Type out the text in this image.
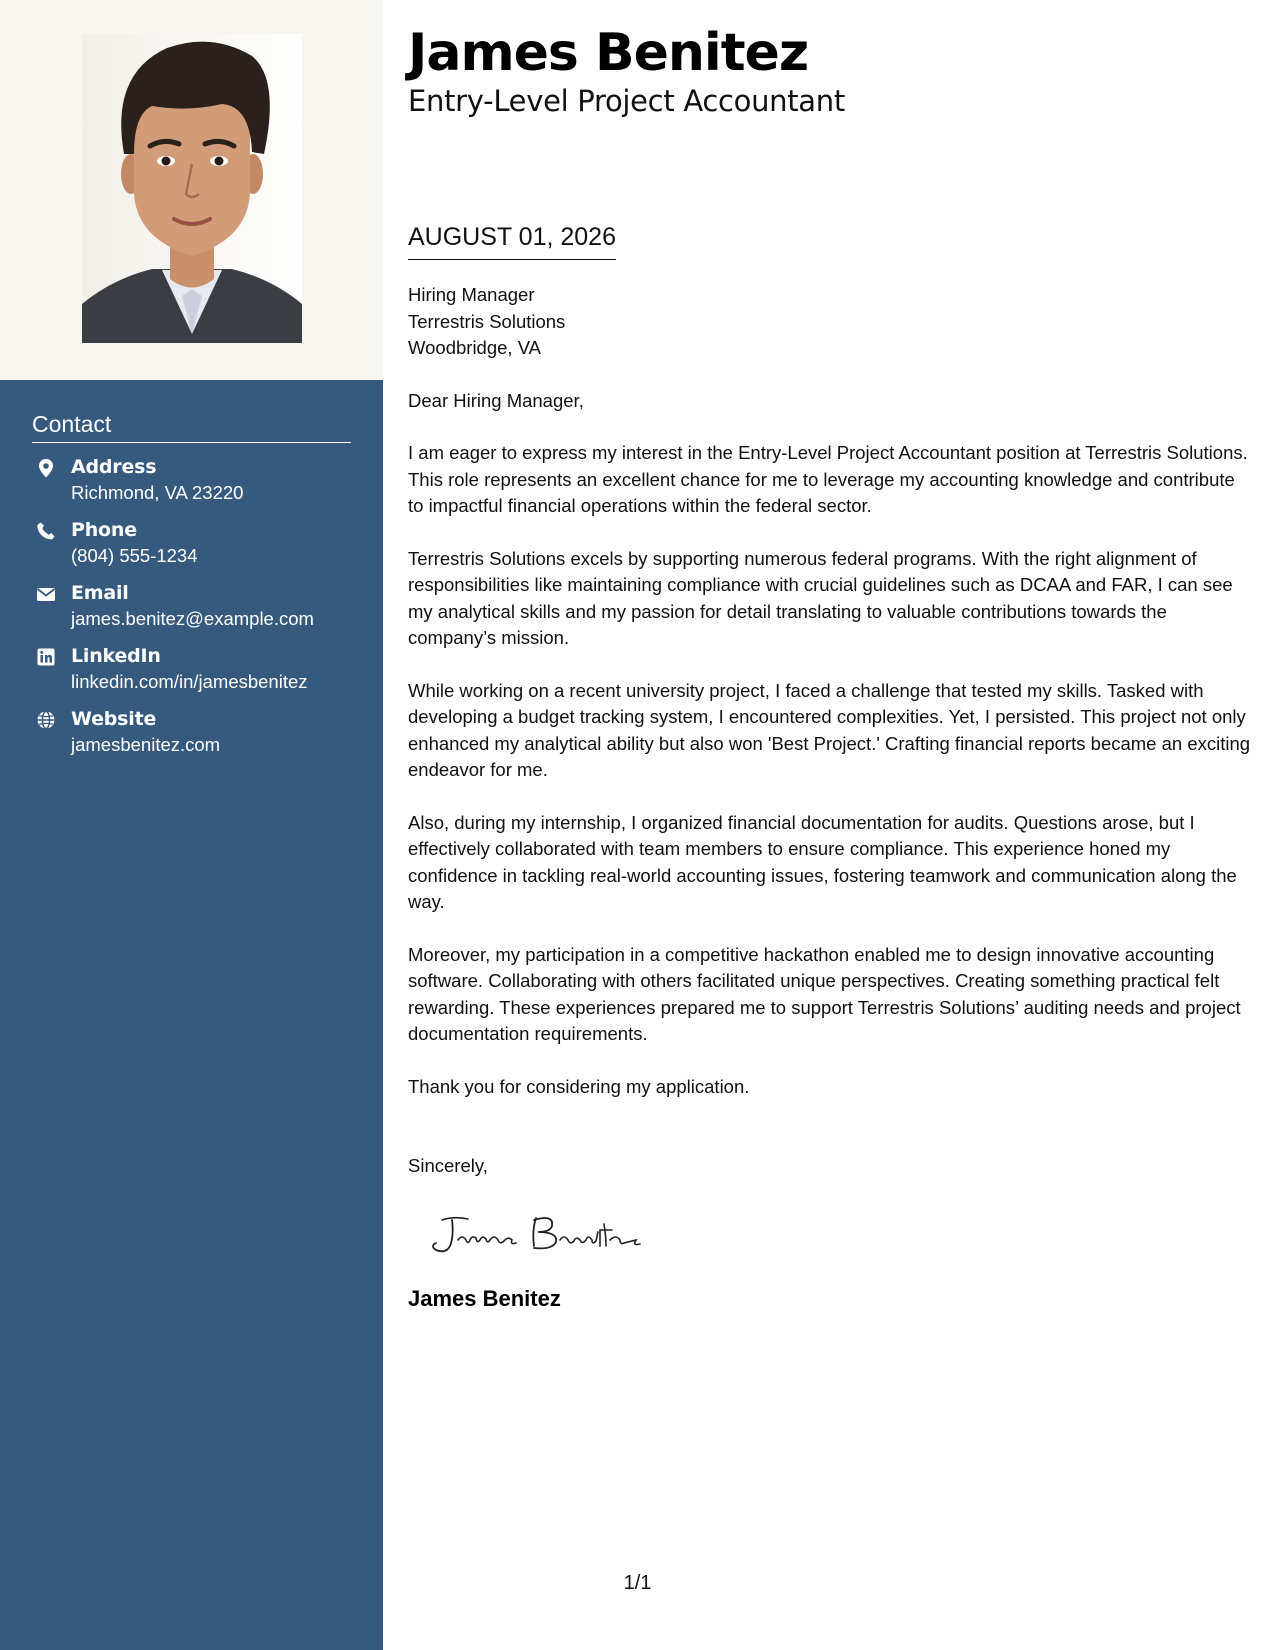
Contact
Address
Richmond, VA 23220
Phone
(804) 555-1234
Email
james.benitez@example.com
LinkedIn
linkedin.com/in/jamesbenitez
Website
jamesbenitez.com
James Benitez
Entry-Level Project Accountant
AUGUST 01, 2026
Hiring Manager
Terrestris Solutions
Woodbridge, VA
Dear Hiring Manager,

I am eager to express my interest in the Entry-Level Project Accountant position at Terrestris Solutions. This role represents an excellent chance for me to leverage my accounting knowledge and contribute to impactful financial operations within the federal sector.

Terrestris Solutions excels by supporting numerous federal programs. With the right alignment of responsibilities like maintaining compliance with crucial guidelines such as DCAA and FAR, I can see my analytical skills and my passion for detail translating to valuable contributions towards the company’s mission.

While working on a recent university project, I faced a challenge that tested my skills. Tasked with developing a budget tracking system, I encountered complexities. Yet, I persisted. This project not only enhanced my analytical ability but also won 'Best Project.' Crafting financial reports became an exciting endeavor for me.

Also, during my internship, I organized financial documentation for audits. Questions arose, but I effectively collaborated with team members to ensure compliance. This experience honed my confidence in tackling real-world accounting issues, fostering teamwork and communication along the way.

Moreover, my participation in a competitive hackathon enabled me to design innovative accounting software. Collaborating with others facilitated unique perspectives. Creating something practical felt rewarding. These experiences prepared me to support Terrestris Solutions’ auditing needs and project documentation requirements.

Thank you for considering my application.

Sincerely,
James Benitez
1/1
